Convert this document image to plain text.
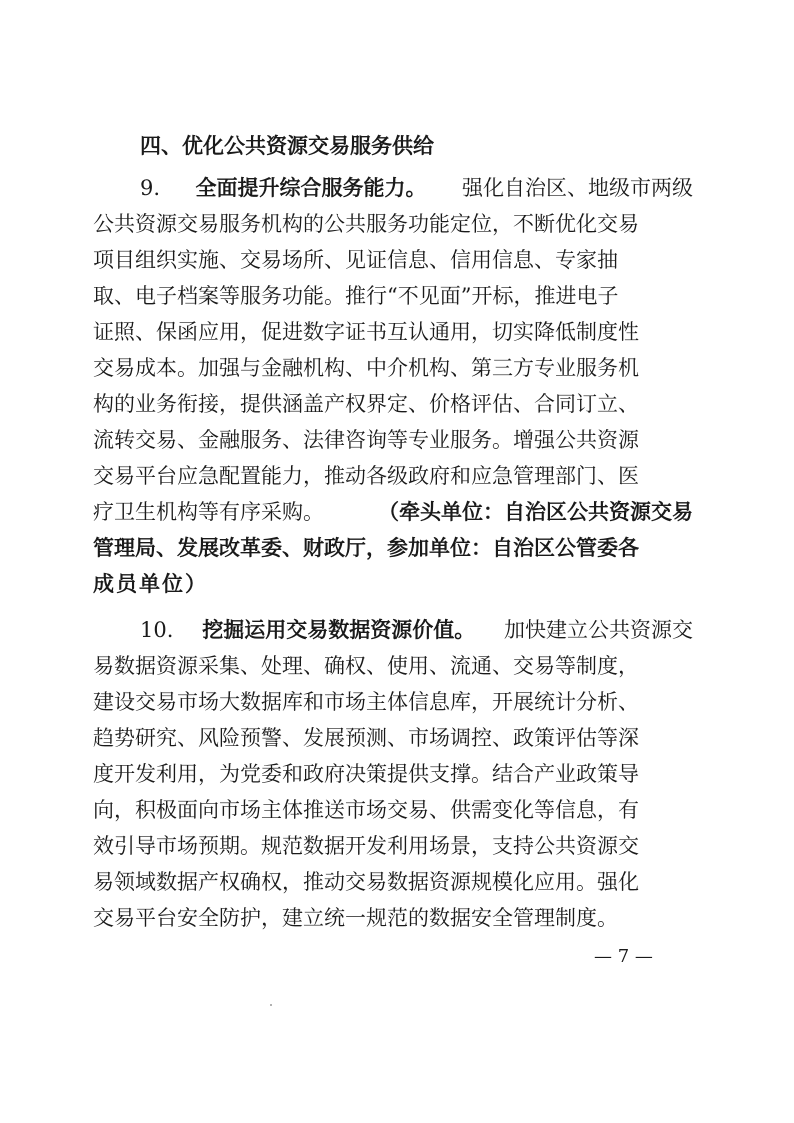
四、优化公共资源交易服务供给
9. 全面提升综合服务能力。 强化自治区、地级市两级
公共资源交易服务机构的公共服务功能定位，不断优化交易
项目组织实施、交易场所、见证信息、信用信息、专家抽
取、电子档案等服务功能。推行“不见面”开标，推进电子
证照、保函应用，促进数字证书互认通用，切实降低制度性
交易成本。加强与金融机构、中介机构、第三方专业服务机
构的业务衔接，提供涵盖产权界定、价格评估、合同订立、
流转交易、金融服务、法律咨询等专业服务。增强公共资源
交易平台应急配置能力，推动各级政府和应急管理部门、医
疗卫生机构等有序采购。	（牵头单位：自治区公共资源交易
管理局、发展改革委、财政厅，参加单位：自治区公管委各
成员单位）
10. 挖掘运用交易数据资源价值。 加快建立公共资源交
易数据资源采集、处理、确权、使用、流通、交易等制度，
建设交易市场大数据库和市场主体信息库，开展统计分析、
趋势研究、风险预警、发展预测、市场调控、政策评估等深
度开发利用，为党委和政府决策提供支撑。结合产业政策导
向，积极面向市场主体推送市场交易、供需变化等信息，有
效引导市场预期。规范数据开发利用场景，支持公共资源交
易领域数据产权确权，推动交易数据资源规模化应用。强化
交易平台安全防护，建立统一规范的数据安全管理制度。
— 7 —
